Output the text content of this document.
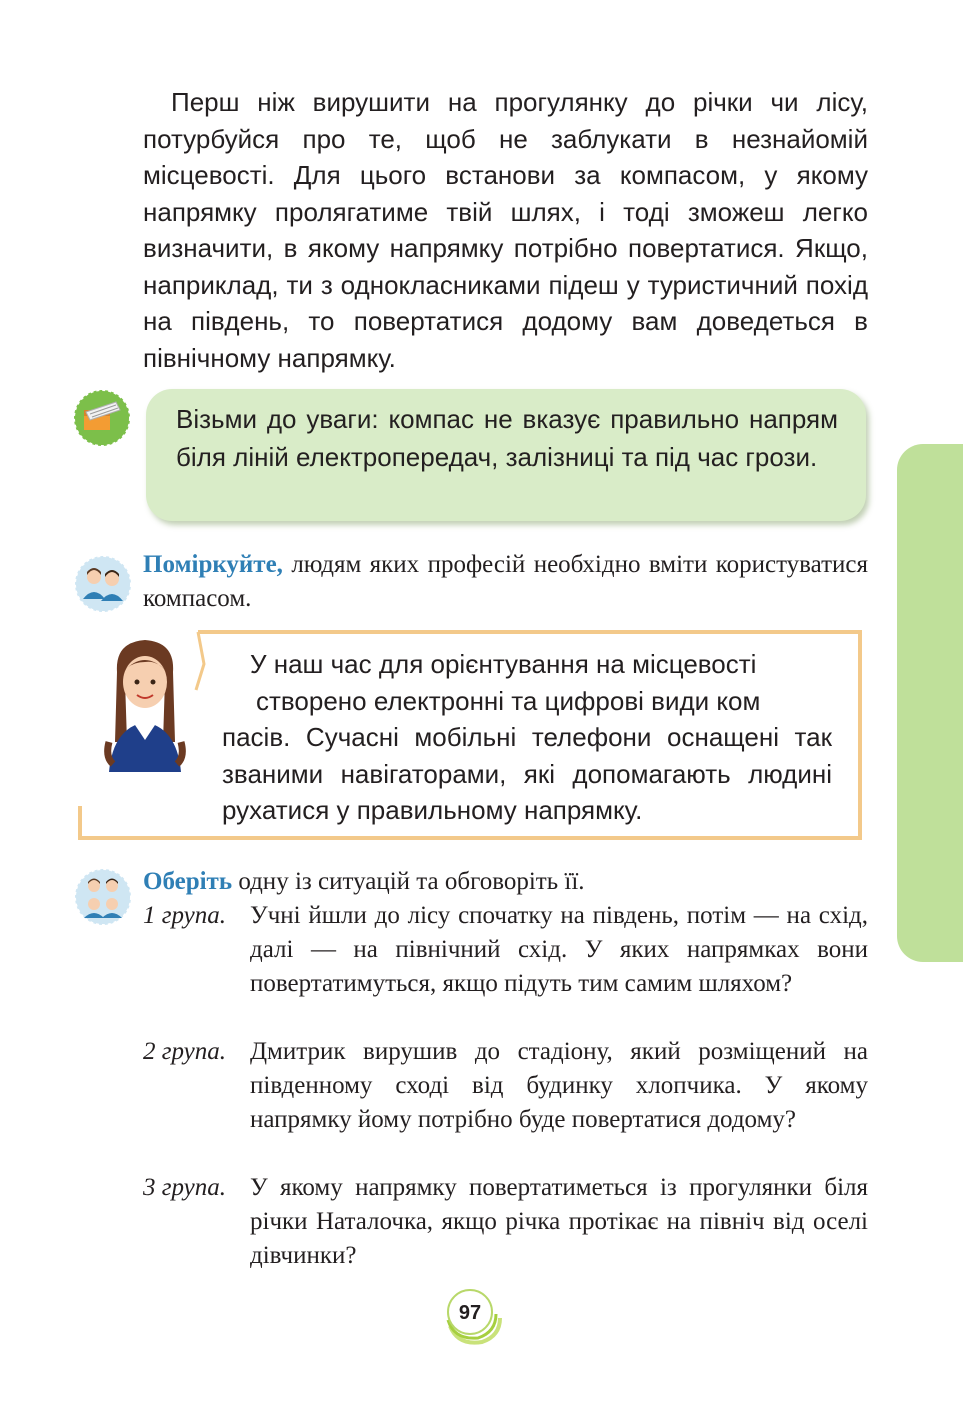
Перш ніж вирушити на прогулянку до річки чи лісу, потурбуйся про те, щоб не заблукати в незнайомій місцевості. Для цього встанови за компасом, у якому напрямку пролягатиме твій шлях, і тоді зможеш легко визначити, в якому напрямку потрібно повертатися. Якщо, наприклад, ти з однокласниками підеш у туристичний похід на південь, то повертатися додому вам доведеться в північному напрямку.

Візьми до уваги: компас не вказує правильно напрям біля ліній електропередач, залізниці та під час грози.

Поміркуйте, людям яких професій необхідно вміти користуватися компасом.

У наш час для орієнтування на місцевості
створено електронні та цифрові види ком
пасів. Сучасні мобільні телефони оснащені так званими навігаторами, які допомагають людині рухатися у правильному напрямку.

Оберіть одну із ситуацій та обговоріть її.

1 група. Учні йшли до лісу спочатку на південь, потім — на схід, далі — на північний схід. У яких напрямках вони повертатимуться, якщо підуть тим самим шляхом?
2 група. Дмитрик вирушив до стадіону, який розміщений на південному сході від будинку хлопчика. У якому напрямку йому потрібно буде повертатися додому?
3 група. У якому напрямку повертатиметься із прогулянки біля річки Наталочка, якщо річка протікає на північ від оселі дівчинки?
97
